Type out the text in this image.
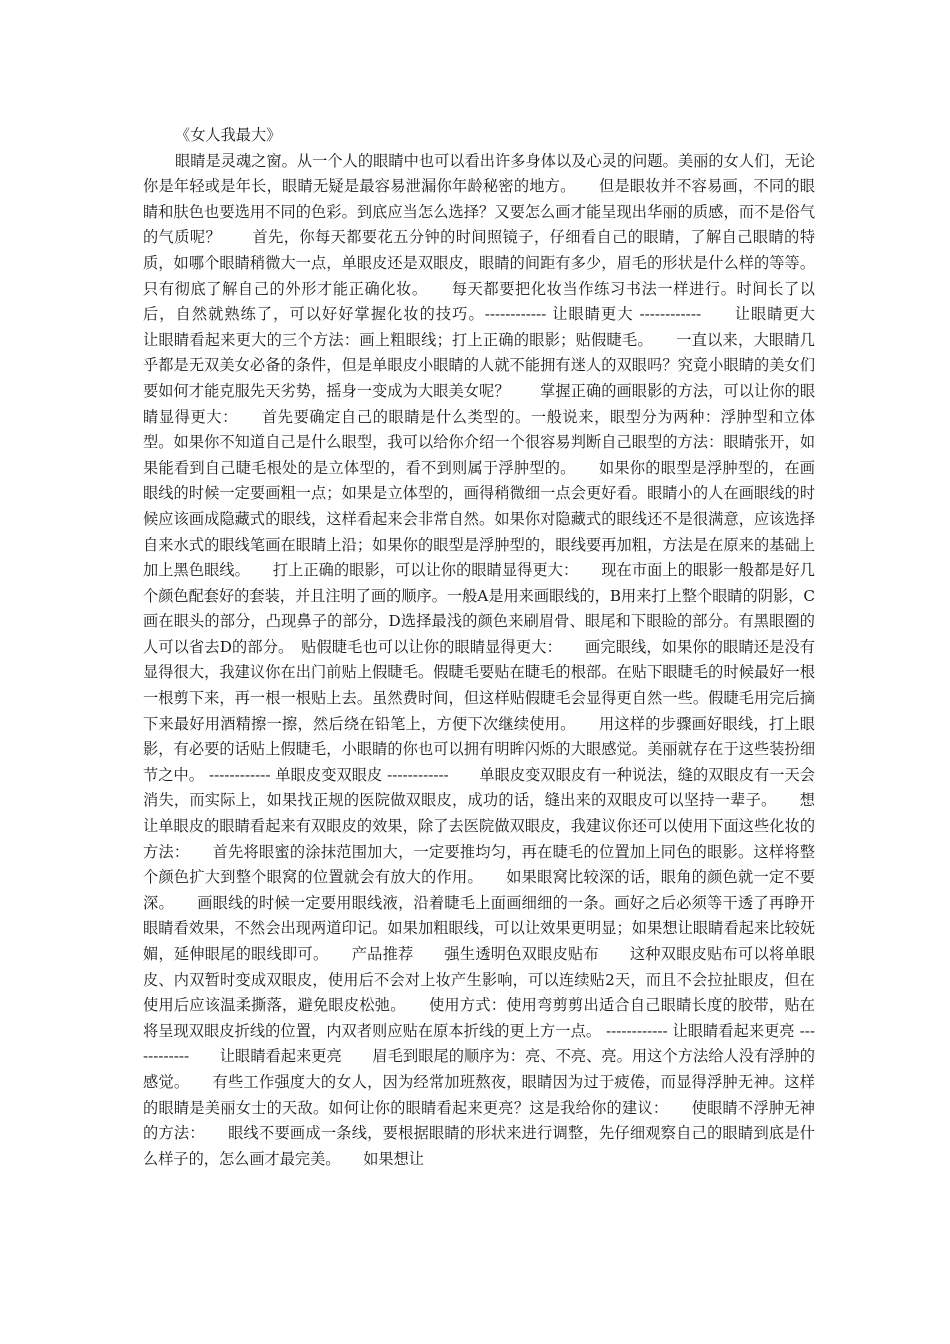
《女人我最大》

眼睛是灵魂之窗。从一个人的眼睛中也可以看出许多身体以及心灵的问题。美丽的女人们，无论你是年轻或是年长，眼睛无疑是最容易泄漏你年龄秘密的地方。　　但是眼妆并不容易画，不同的眼睛和肤色也要选用不同的色彩。到底应当怎么选择？又要怎么画才能呈现出华丽的质感，而不是俗气的气质呢？　　首先，你每天都要花五分钟的时间照镜子，仔细看自己的眼睛，了解自己眼睛的特质，如哪个眼睛稍微大一点，单眼皮还是双眼皮，眼睛的间距有多少，眉毛的形状是什么样的等等。只有彻底了解自己的外形才能正确化妆。　　每天都要把化妆当作练习书法一样进行。时间长了以后，自然就熟练了，可以好好掌握化妆的技巧。------------ 让眼睛更大 ------------　　让眼睛更大　　让眼睛看起来更大的三个方法：画上粗眼线；打上正确的眼影；贴假睫毛。　　一直以来，大眼睛几乎都是无双美女必备的条件，但是单眼皮小眼睛的人就不能拥有迷人的双眼吗？究竟小眼睛的美女们要如何才能克服先天劣势，摇身一变成为大眼美女呢？　　掌握正确的画眼影的方法，可以让你的眼睛显得更大：　　首先要确定自己的眼睛是什么类型的。一般说来，眼型分为两种：浮肿型和立体型。如果你不知道自己是什么眼型，我可以给你介绍一个很容易判断自己眼型的方法：眼睛张开，如果能看到自己睫毛根处的是立体型的，看不到则属于浮肿型的。　　如果你的眼型是浮肿型的，在画眼线的时候一定要画粗一点；如果是立体型的，画得稍微细一点会更好看。眼睛小的人在画眼线的时候应该画成隐藏式的眼线，这样看起来会非常自然。如果你对隐藏式的眼线还不是很满意，应该选择自来水式的眼线笔画在眼睛上沿；如果你的眼型是浮肿型的，眼线要再加粗，方法是在原来的基础上加上黑色眼线。　　打上正确的眼影，可以让你的眼睛显得更大：　　现在市面上的眼影一般都是好几个颜色配套好的套装，并且注明了画的顺序。一般A是用来画眼线的，B用来打上整个眼睛的阴影，C画在眼头的部分，凸现鼻子的部分，D选择最浅的颜色来刷眉骨、眼尾和下眼睑的部分。有黑眼圈的人可以省去D的部分。　贴假睫毛也可以让你的眼睛显得更大：　　画完眼线，如果你的眼睛还是没有显得很大，我建议你在出门前贴上假睫毛。假睫毛要贴在睫毛的根部。在贴下眼睫毛的时候最好一根一根剪下来，再一根一根贴上去。虽然费时间，但这样贴假睫毛会显得更自然一些。假睫毛用完后摘下来最好用酒精擦一擦，然后绕在铅笔上，方便下次继续使用。　　用这样的步骤画好眼线，打上眼影，有必要的话贴上假睫毛，小眼睛的你也可以拥有明眸闪烁的大眼感觉。美丽就存在于这些装扮细节之中。 ------------ 单眼皮变双眼皮 ------------　　单眼皮变双眼皮有一种说法，缝的双眼皮有一天会消失，而实际上，如果找正规的医院做双眼皮，成功的话，缝出来的双眼皮可以坚持一辈子。　　想让单眼皮的眼睛看起来有双眼皮的效果，除了去医院做双眼皮，我建议你还可以使用下面这些化妆的方法：　　首先将眼蜜的涂抹范围加大，一定要推均匀，再在睫毛的位置加上同色的眼影。这样将整个颜色扩大到整个眼窝的位置就会有放大的作用。　　如果眼窝比较深的话，眼角的颜色就一定不要深。　　画眼线的时候一定要用眼线液，沿着睫毛上面画细细的一条。画好之后必须等干透了再睁开眼睛看效果，不然会出现两道印记。如果加粗眼线，可以让效果更明显；如果想让眼睛看起来比较妩媚，延伸眼尾的眼线即可。　　产品推荐　　强生透明色双眼皮贴布　　这种双眼皮贴布可以将单眼皮、内双暂时变成双眼皮，使用后不会对上妆产生影响，可以连续贴2天，而且不会拉扯眼皮，但在使用后应该温柔撕落，避免眼皮松弛。　　使用方式：使用弯剪剪出适合自己眼睛长度的胶带，贴在将呈现双眼皮折线的位置，内双者则应贴在原本折线的更上方一点。 ------------ 让眼睛看起来更亮 ------------　　让眼睛看起来更亮　　眉毛到眼尾的顺序为：亮、不亮、亮。用这个方法给人没有浮肿的感觉。　　有些工作强度大的女人，因为经常加班熬夜，眼睛因为过于疲倦，而显得浮肿无神。这样的眼睛是美丽女士的天敌。如何让你的眼睛看起来更亮？这是我给你的建议：　　使眼睛不浮肿无神的方法：　　眼线不要画成一条线，要根据眼睛的形状来进行调整，先仔细观察自己的眼睛到底是什么样子的，怎么画才最完美。　　如果想让
